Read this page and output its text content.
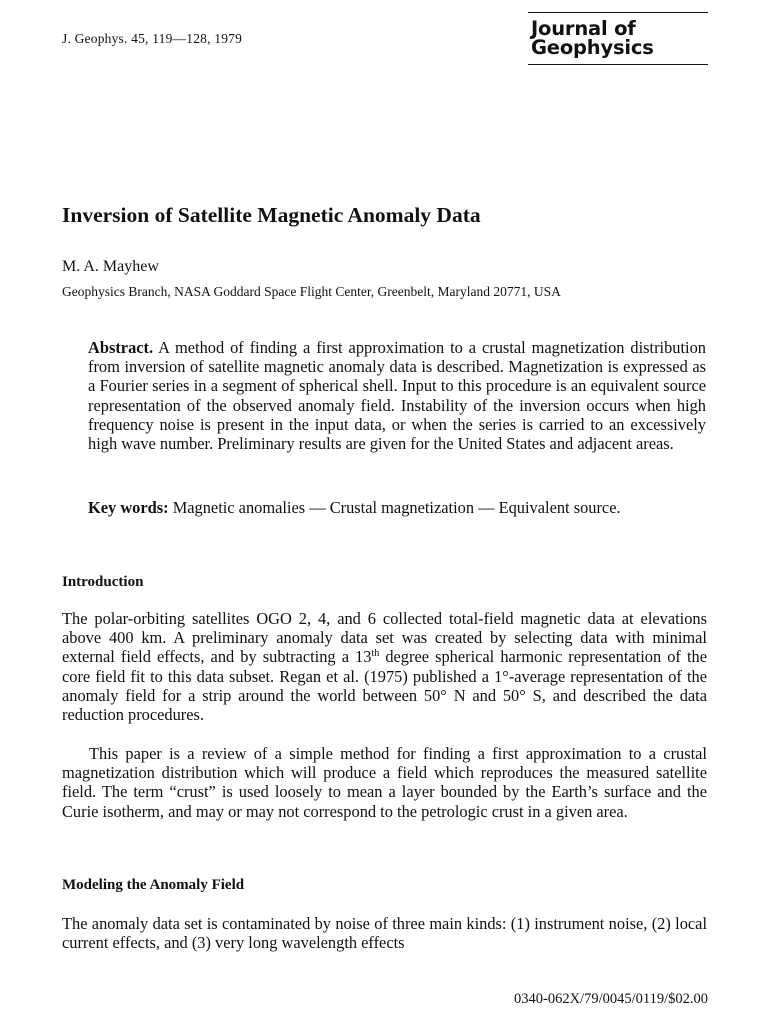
J. Geophys. 45, 119—128, 1979	Journal of
Geophysics
Inversion of Satellite Magnetic Anomaly Data
M. A. Mayhew
Geophysics Branch, NASA Goddard Space Flight Center, Greenbelt, Maryland 20771, USA
Abstract. A method of finding a first approximation to a crustal magnetization distribution from inversion of satellite magnetic anomaly data is described. Magnetization is expressed as a Fourier series in a segment of spherical shell. Input to this procedure is an equivalent source representation of the observed anomaly field. Instability of the inversion occurs when high frequency noise is present in the input data, or when the series is carried to an excessively high wave number. Preliminary results are given for the United States and adjacent areas.
Key words: Magnetic anomalies — Crustal magnetization — Equivalent source.
Introduction
The polar-orbiting satellites OGO 2, 4, and 6 collected total-field magnetic data at elevations above 400 km. A preliminary anomaly data set was created by selecting data with minimal external field effects, and by subtracting a 13th degree spherical harmonic representation of the core field fit to this data subset. Regan et al. (1975) published a 1°-average representation of the anomaly field for a strip around the world between 50° N and 50° S, and described the data reduction procedures.
This paper is a review of a simple method for finding a first approximation to a crustal magnetization distribution which will produce a field which reproduces the measured satellite field. The term “crust” is used loosely to mean a layer bounded by the Earth’s surface and the Curie isotherm, and may or may not correspond to the petrologic crust in a given area.
Modeling the Anomaly Field
The anomaly data set is contaminated by noise of three main kinds: (1) instrument noise, (2) local current effects, and (3) very long wavelength effects
0340-062X/79/0045/0119/$02.00
